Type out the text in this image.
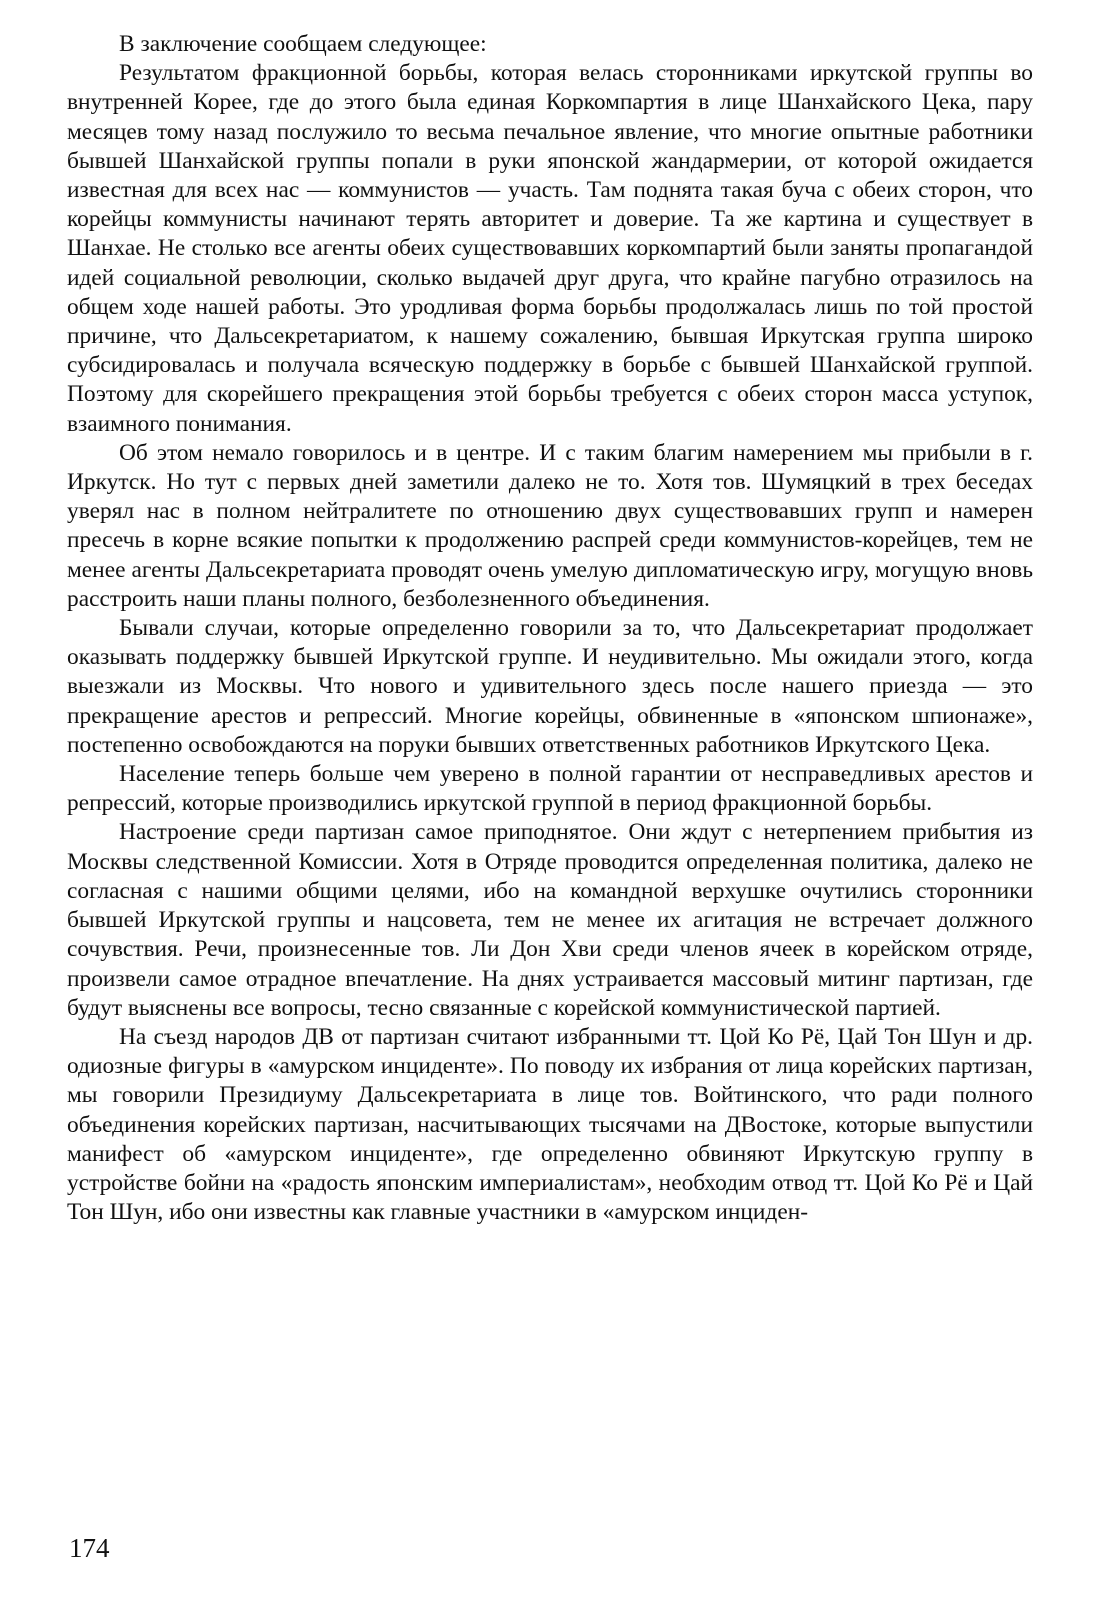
В заключение сообщаем следующее:

Результатом фракционной борьбы, которая велась сторонниками иркутской группы во внутренней Корее, где до этого была единая Коркомпартия в лице Шанхайского Цека, пару месяцев тому назад послужило то весьма печальное явление, что многие опытные работники бывшей Шанхайской группы попали в руки японской жандармерии, от которой ожидается известная для всех нас — коммунистов — участь. Там поднята такая буча с обеих сторон, что корейцы коммунисты начинают терять авторитет и доверие. Та же картина и существует в Шанхае. Не столько все агенты обеих существовавших коркомпартий были заняты пропагандой идей социальной революции, сколько выдачей друг друга, что крайне пагубно отразилось на общем ходе нашей работы. Это уродливая форма борьбы продолжалась лишь по той простой причине, что Дальсекретариатом, к нашему сожалению, бывшая Иркутская группа широко субсидировалась и получала всяческую поддержку в борьбе с бывшей Шанхайской группой. Поэтому для скорейшего прекращения этой борьбы требуется с обеих сторон масса уступок, взаимного понимания.

Об этом немало говорилось и в центре. И с таким благим намерением мы прибыли в г. Иркутск. Но тут с первых дней заметили далеко не то. Хотя тов. Шумяцкий в трех беседах уверял нас в полном нейтралитете по отношению двух существовавших групп и намерен пресечь в корне всякие попытки к продолжению распрей среди коммунистов-корейцев, тем не менее агенты Дальсекретариата проводят очень умелую дипломатическую игру, могущую вновь расстроить наши планы полного, безболезненного объединения.

Бывали случаи, которые определенно говорили за то, что Дальсекретариат продолжает оказывать поддержку бывшей Иркутской группе. И неудивительно. Мы ожидали этого, когда выезжали из Москвы. Что нового и удивительного здесь после нашего приезда — это прекращение арестов и репрессий. Многие корейцы, обвиненные в «японском шпионаже», постепенно освобождаются на поруки бывших ответственных работников Иркутского Цека.

Население теперь больше чем уверено в полной гарантии от несправедливых арестов и репрессий, которые производились иркутской группой в период фракционной борьбы.

Настроение среди партизан самое приподнятое. Они ждут с нетерпением прибытия из Москвы следственной Комиссии. Хотя в Отряде проводится определенная политика, далеко не согласная с нашими общими целями, ибо на командной верхушке очутились сторонники бывшей Иркутской группы и нацсовета, тем не менее их агитация не встречает должного сочувствия. Речи, произнесенные тов. Ли Дон Хви среди членов ячеек в корейском отряде, произвели самое отрадное впечатление. На днях устраивается массовый митинг партизан, где будут выяснены все вопросы, тесно связанные с корейской коммунистической партией.

На съезд народов ДВ от партизан считают избранными тт. Цой Ко Рё, Цай Тон Шун и др. одиозные фигуры в «амурском инциденте». По поводу их избрания от лица корейских партизан, мы говорили Президиуму Дальсекретариата в лице тов. Войтинского, что ради полного объединения корейских партизан, насчитывающих тысячами на ДВостоке, которые выпустили манифест об «амурском инциденте», где определенно обвиняют Иркутскую группу в устройстве бойни на «радость японским империалистам», необходим отвод тт. Цой Ко Рё и Цай Тон Шун, ибо они известны как главные участники в «амурском инциден-

174
